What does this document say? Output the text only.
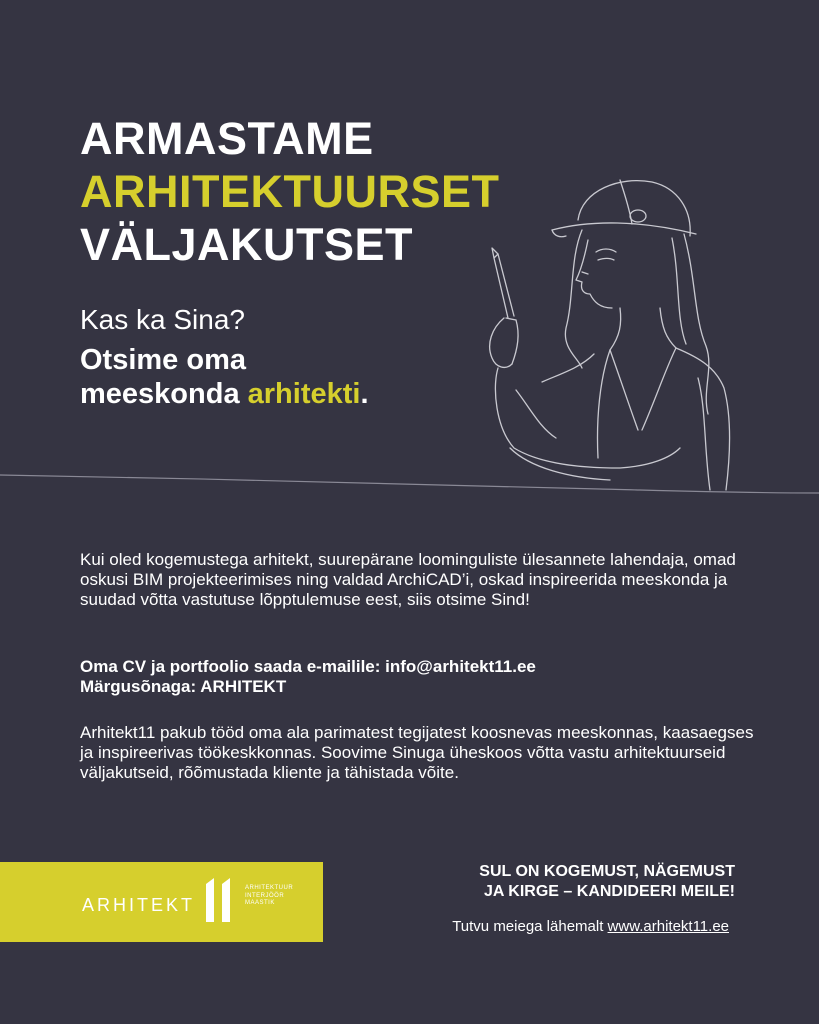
ARMASTAME
ARHITEKTUURSET
VÄLJAKUTSET

Kas ka Sina?

Otsime oma
meeskonda arhitekti.

Kui oled kogemustega arhitekt, suurepärane loominguliste ülesannete lahendaja, omad oskusi BIM projekteerimises ning valdad ArchiCAD’i, oskad inspireerida meeskonda ja suudad võtta vastutuse lõpptulemuse eest, siis otsime Sind!

Oma CV ja portfoolio saada e-mailile: info@arhitekt11.ee
Märgusõnaga: ARHITEKT

Arhitekt11 pakub tööd oma ala parimatest tegijatest koosnevas meeskonnas, kaasaegses ja inspireerivas töökeskkonnas. Soovime Sinuga üheskoos võtta vastu arhitektuurseid väljakutseid, rõõmustada kliente ja tähistada võite.

ARHITEKT
ARHITEKTUUR
INTERJÖÖR
MAASTIK

SUL ON KOGEMUST, NÄGEMUST
JA KIRGE – KANDIDEERI MEILE!

Tutvu meiega lähemalt www.arhitekt11.ee
